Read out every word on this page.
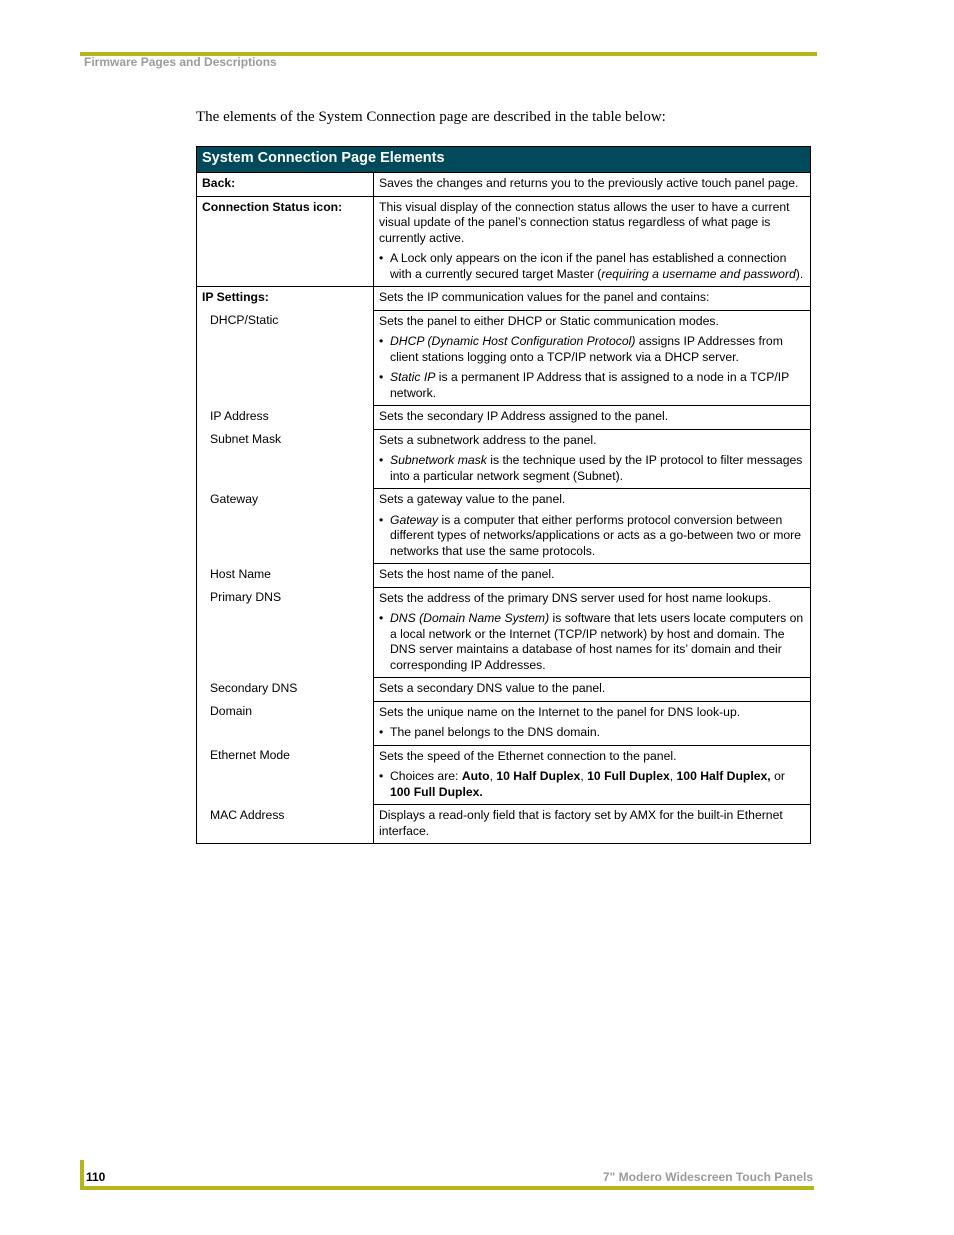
Firmware Pages and Descriptions
The elements of the System Connection page are described in the table below:
System Connection Page Elements	
Back:	Saves the changes and returns you to the previously active touch panel page.
Connection Status icon:	This visual display of the connection status allows the user to have a current visual update of the panel’s connection status regardless of what page is currently active.

• A Lock only appears on the icon if the panel has established a connection with a currently secured target Master (requiring a username and password).

IP Settings:	Sets the IP communication values for the panel and contains:
DHCP/Static	Sets the panel to either DHCP or Static communication modes.

• DHCP (Dynamic Host Configuration Protocol) assigns IP Addresses from client stations logging onto a TCP/IP network via a DHCP server.
• Static IP is a permanent IP Address that is assigned to a node in a TCP/IP network.

IP Address	Sets the secondary IP Address assigned to the panel.
Subnet Mask	Sets a subnetwork address to the panel.

• Subnetwork mask is the technique used by the IP protocol to filter messages into a particular network segment (Subnet).

Gateway	Sets a gateway value to the panel.

• Gateway is a computer that either performs protocol conversion between different types of networks/applications or acts as a go-between two or more networks that use the same protocols.

Host Name	Sets the host name of the panel.
Primary DNS	Sets the address of the primary DNS server used for host name lookups.

• DNS (Domain Name System) is software that lets users locate computers on a local network or the Internet (TCP/IP network) by host and domain. The DNS server maintains a database of host names for its’ domain and their corresponding IP Addresses.

Secondary DNS	Sets a secondary DNS value to the panel.
Domain	Sets the unique name on the Internet to the panel for DNS look-up.

• The panel belongs to the DNS domain.

Ethernet Mode	Sets the speed of the Ethernet connection to the panel.

• Choices are: Auto, 10 Half Duplex, 10 Full Duplex, 100 Half Duplex, or 100 Full Duplex.

MAC Address	Displays a read-only field that is factory set by AMX for the built-in Ethernet interface.
110	7" Modero Widescreen Touch Panels
